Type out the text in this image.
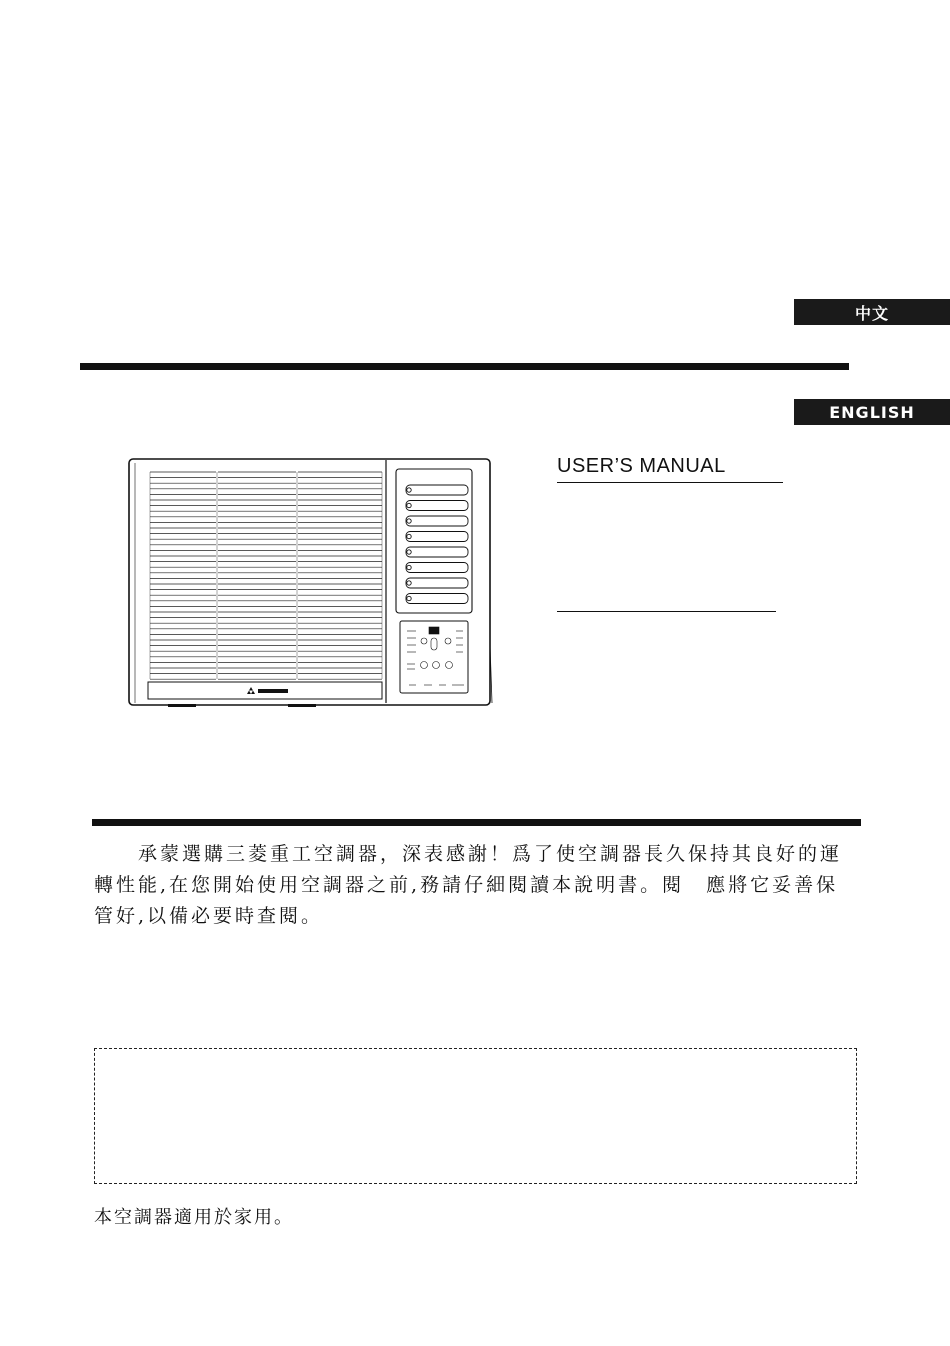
中文
ENGLISH
USER’S MANUAL
　　承蒙選購三菱重工空調器，深表感謝！爲了使空調器長久保持其良好的運
轉性能,在您開始使用空調器之前,務請仔細閱讀本說明書。閱　應將它妥善保
管好,以備必要時查閱。
本空調器適用於家用。
